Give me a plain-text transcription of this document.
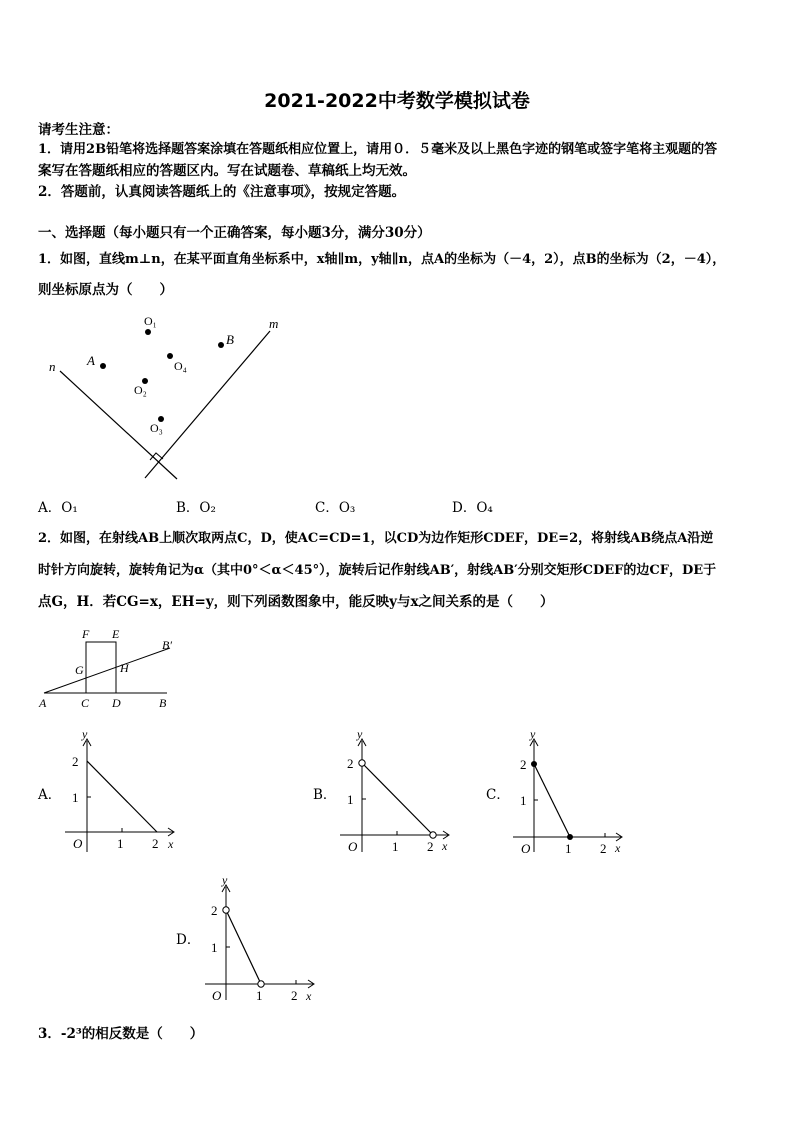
2021-2022中考数学模拟试卷
请考生注意：
1．请用2B铅笔将选择题答案涂填在答题纸相应位置上，请用０．５毫米及以上黑色字迹的钢笔或签字笔将主观题的答
案写在答题纸相应的答题区内。写在试题卷、草稿纸上均无效。
2．答题前，认真阅读答题纸上的《注意事项》，按规定答题。
一、选择题（每小题只有一个正确答案，每小题3分，满分30分）
1．如图，直线m⊥n，在某平面直角坐标系中，x轴∥m，y轴∥n，点A的坐标为（－4，2），点B的坐标为（2，－4），
则坐标原点为（　　）
m
n A
B
O₁
O₄
O₂
O₃
A．O₁	B．O₂	C．O₃	D．O₄
2．如图，在射线AB上顺次取两点C，D，使AC=CD=1，以CD为边作矩形CDEF，DE=2，将射线AB绕点A沿逆
时针方向旋转，旋转角记为α（其中0°＜α＜45°），旋转后记作射线AB′，射线AB′分别交矩形CDEF的边CF，DE于
点G，H．若CG=x，EH=y，则下列函数图象中，能反映y与x之间关系的是（　　）
F E
B′
G	H
A	C D	B
A．	B．	C．
D．
y
x
O	1 2
1
2
y
x
O	1 2
1
2
y
x
O	1 2
1
2
y
x
O	1 2
1
2
3．-2³的相反数是（　　）
